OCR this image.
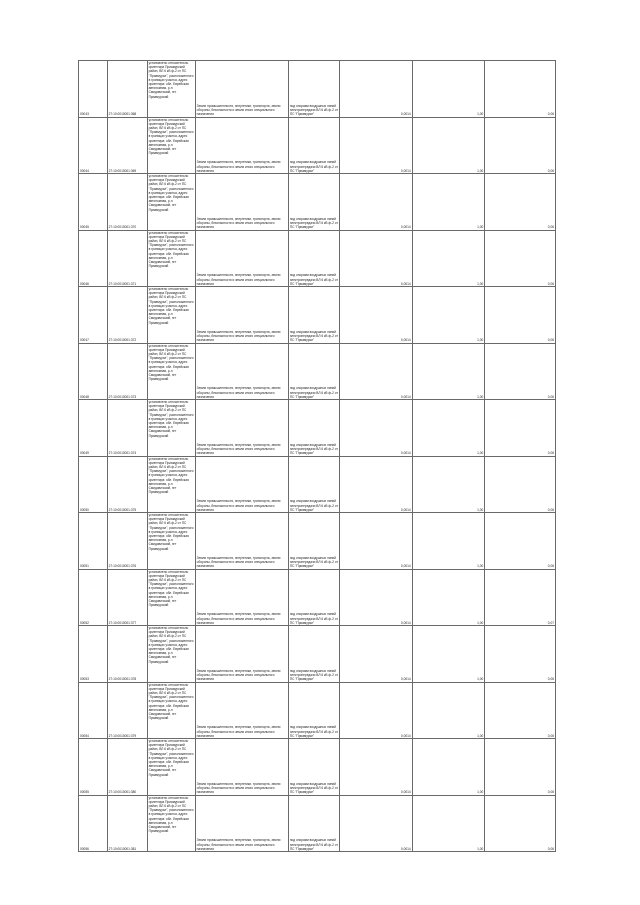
00043	27:10:0010001:368	установлено относительно ориентира Приамурский район, ВЛ 6 кВ ф-2 от ПС "Приамурье", расположенного в границах участка, адрес ориентира: обл. Еврейская автономная, р-н Смидовичский, пгт Приамурский	Земли промышленности, энергетики, транспорта, земли обороны, безопасности и земли иного специального назначения	под опорами воздушных линий электропередачи ВЛ 6 кВ ф-2 от ПС "Приамурье"	0,0014	1,00	0,06
00044	27:10:0010001:369	установлено относительно ориентира Приамурский район, ВЛ 6 кВ ф-2 от ПС "Приамурье", расположенного в границах участка, адрес ориентира: обл. Еврейская автономная, р-н Смидовичский, пгт Приамурский	Земли промышленности, энергетики, транспорта, земли обороны, безопасности и земли иного специального назначения	под опорами воздушных линий электропередачи ВЛ 6 кВ ф-2 от ПС "Приамурье"	0,0014	1,00	0,06
00045	27:10:0010001:370	установлено относительно ориентира Приамурский район, ВЛ 6 кВ ф-2 от ПС "Приамурье", расположенного в границах участка, адрес ориентира: обл. Еврейская автономная, р-н Смидовичский, пгт Приамурский	Земли промышленности, энергетики, транспорта, земли обороны, безопасности и земли иного специального назначения	под опорами воздушных линий электропередачи ВЛ 6 кВ ф-2 от ПС "Приамурье"	0,0014	1,00	0,06
00046	27:10:0010001:371	установлено относительно ориентира Приамурский район, ВЛ 6 кВ ф-2 от ПС "Приамурье", расположенного в границах участка, адрес ориентира: обл. Еврейская автономная, р-н Смидовичский, пгт Приамурский	Земли промышленности, энергетики, транспорта, земли обороны, безопасности и земли иного специального назначения	под опорами воздушных линий электропередачи ВЛ 6 кВ ф-2 от ПС "Приамурье"	0,0014	1,00	0,06
00047	27:10:0010001:372	установлено относительно ориентира Приамурский район, ВЛ 6 кВ ф-2 от ПС "Приамурье", расположенного в границах участка, адрес ориентира: обл. Еврейская автономная, р-н Смидовичский, пгт Приамурский	Земли промышленности, энергетики, транспорта, земли обороны, безопасности и земли иного специального назначения	под опорами воздушных линий электропередачи ВЛ 6 кВ ф-2 от ПС "Приамурье"	0,0014	1,00	0,06
00048	27:10:0010001:373	установлено относительно ориентира Приамурский район, ВЛ 6 кВ ф-2 от ПС "Приамурье", расположенного в границах участка, адрес ориентира: обл. Еврейская автономная, р-н Смидовичский, пгт Приамурский	Земли промышленности, энергетики, транспорта, земли обороны, безопасности и земли иного специального назначения	под опорами воздушных линий электропередачи ВЛ 6 кВ ф-2 от ПС "Приамурье"	0,0014	1,00	0,06
00049	27:10:0010001:374	установлено относительно ориентира Приамурский район, ВЛ 6 кВ ф-2 от ПС "Приамурье", расположенного в границах участка, адрес ориентира: обл. Еврейская автономная, р-н Смидовичский, пгт Приамурский	Земли промышленности, энергетики, транспорта, земли обороны, безопасности и земли иного специального назначения	под опорами воздушных линий электропередачи ВЛ 6 кВ ф-2 от ПС "Приамурье"	0,0014	1,00	0,06
00050	27:10:0010001:375	установлено относительно ориентира Приамурский район, ВЛ 6 кВ ф-2 от ПС "Приамурье", расположенного в границах участка, адрес ориентира: обл. Еврейская автономная, р-н Смидовичский, пгт Приамурский	Земли промышленности, энергетики, транспорта, земли обороны, безопасности и земли иного специального назначения	под опорами воздушных линий электропередачи ВЛ 6 кВ ф-2 от ПС "Приамурье"	0,0014	1,00	0,06
00051	27:10:0010001:376	установлено относительно ориентира Приамурский район, ВЛ 6 кВ ф-2 от ПС "Приамурье", расположенного в границах участка, адрес ориентира: обл. Еврейская автономная, р-н Смидовичский, пгт Приамурский	Земли промышленности, энергетики, транспорта, земли обороны, безопасности и земли иного специального назначения	под опорами воздушных линий электропередачи ВЛ 6 кВ ф-2 от ПС "Приамурье"	0,0014	1,00	0,06
00052	27:10:0010001:377	установлено относительно ориентира Приамурский район, ВЛ 6 кВ ф-2 от ПС "Приамурье", расположенного в границах участка, адрес ориентира: обл. Еврейская автономная, р-н Смидовичский, пгт Приамурский	Земли промышленности, энергетики, транспорта, земли обороны, безопасности и земли иного специального назначения	под опорами воздушных линий электропередачи ВЛ 6 кВ ф-2 от ПС "Приамурье"	0,0014	1,00	0,07
00053	27:10:0010001:378	установлено относительно ориентира Приамурский район, ВЛ 6 кВ ф-2 от ПС "Приамурье", расположенного в границах участка, адрес ориентира: обл. Еврейская автономная, р-н Смидовичский, пгт Приамурский	Земли промышленности, энергетики, транспорта, земли обороны, безопасности и земли иного специального назначения	под опорами воздушных линий электропередачи ВЛ 6 кВ ф-2 от ПС "Приамурье"	0,0014	1,00	0,06
00054	27:10:0010001:379	установлено относительно ориентира Приамурский район, ВЛ 6 кВ ф-2 от ПС "Приамурье", расположенного в границах участка, адрес ориентира: обл. Еврейская автономная, р-н Смидовичский, пгт Приамурский	Земли промышленности, энергетики, транспорта, земли обороны, безопасности и земли иного специального назначения	под опорами воздушных линий электропередачи ВЛ 6 кВ ф-2 от ПС "Приамурье"	0,0014	1,00	0,06
00055	27:10:0010001:380	установлено относительно ориентира Приамурский район, ВЛ 6 кВ ф-2 от ПС "Приамурье", расположенного в границах участка, адрес ориентира: обл. Еврейская автономная, р-н Смидовичский, пгт Приамурский	Земли промышленности, энергетики, транспорта, земли обороны, безопасности и земли иного специального назначения	под опорами воздушных линий электропередачи ВЛ 6 кВ ф-2 от ПС "Приамурье"	0,0014	1,00	0,06
00056	27:10:0010001:381	установлено относительно ориентира Приамурский район, ВЛ 6 кВ ф-2 от ПС "Приамурье", расположенного в границах участка, адрес ориентира: обл. Еврейская автономная, р-н Смидовичский, пгт Приамурский	Земли промышленности, энергетики, транспорта, земли обороны, безопасности и земли иного специального назначения	под опорами воздушных линий электропередачи ВЛ 6 кВ ф-2 от ПС "Приамурье"	0,0014	1,00	0,06
